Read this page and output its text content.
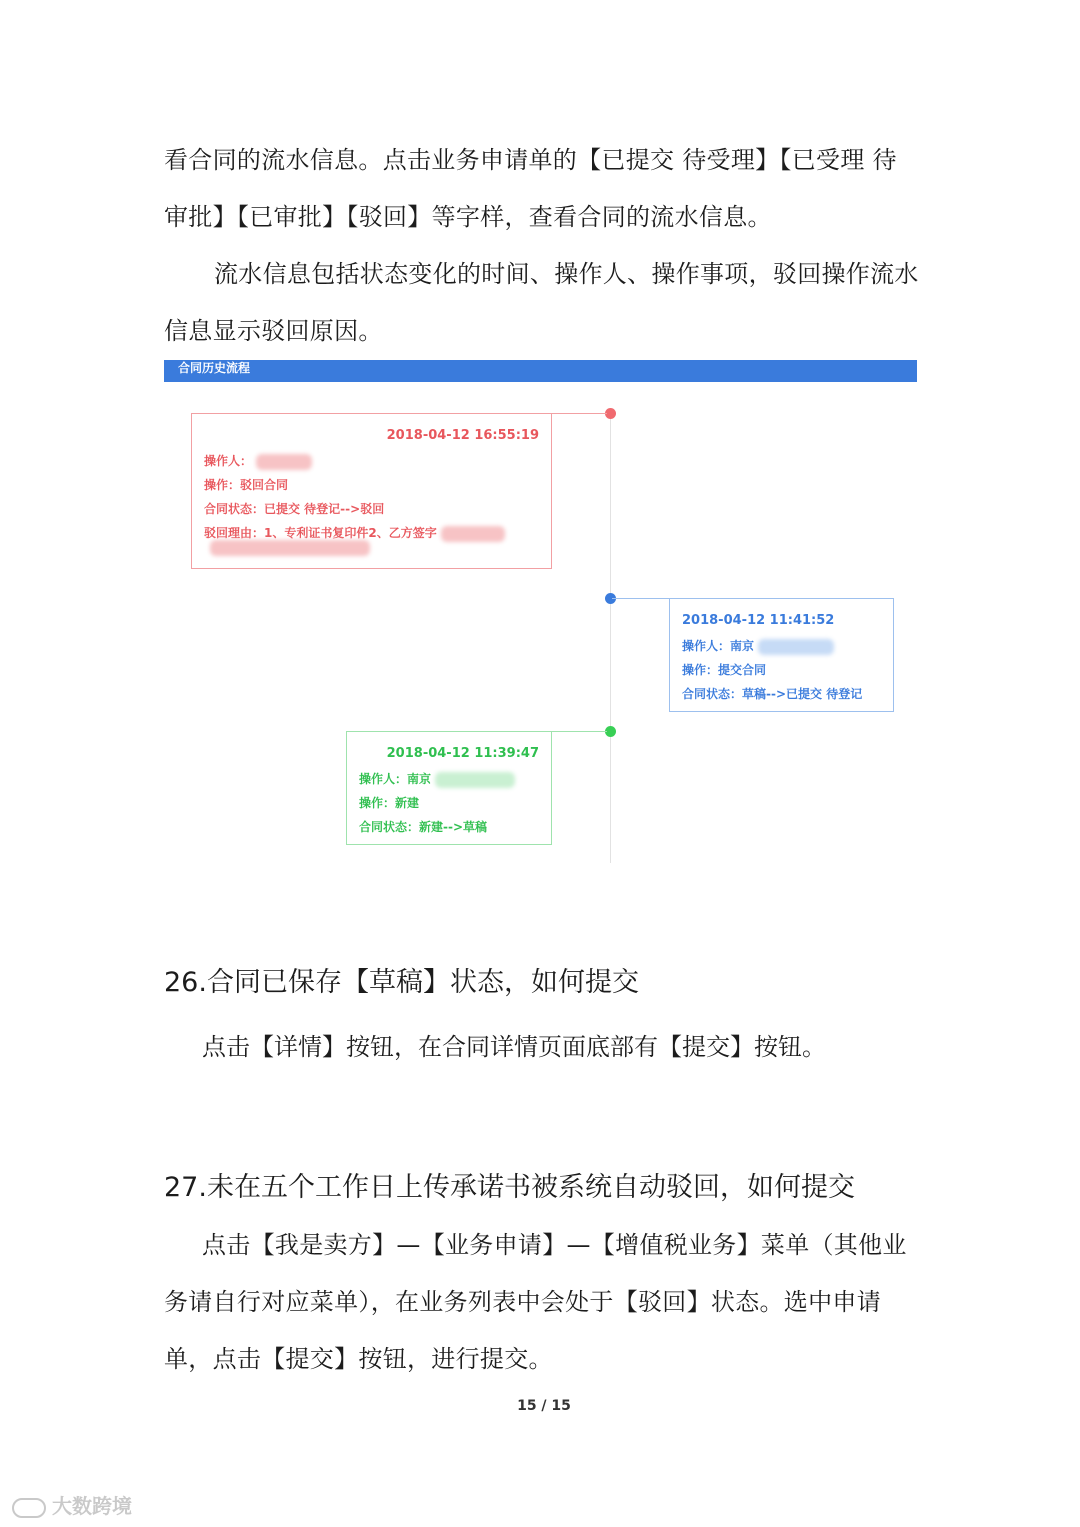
看合同的流水信息。点击业务申请单的【已提交 待受理】【已受理 待审批】【已审批】【驳回】等字样，查看合同的流水信息。

流水信息包括状态变化的时间、操作人、操作事项，驳回操作流水信息显示驳回原因。

合同历史流程
2018-04-12 16:55:19
操作人：
操作：驳回合同
合同状态：已提交 待登记-->驳回
驳回理由：1、专利证书复印件2、乙方签字
2018-04-12 11:41:52
操作人：南京
操作：提交合同
合同状态：草稿-->已提交 待登记
2018-04-12 11:39:47
操作人：南京
操作：新建
合同状态：新建-->草稿
26.合同已保存【草稿】状态，如何提交

点击【详情】按钮，在合同详情页面底部有【提交】按钮。

27.未在五个工作日上传承诺书被系统自动驳回，如何提交

点击【我是卖方】—【业务申请】—【增值税业务】菜单（其他业务请自行对应菜单），在业务列表中会处于【驳回】状态。选中申请单，点击【提交】按钮，进行提交。

15 / 15
大数跨境
